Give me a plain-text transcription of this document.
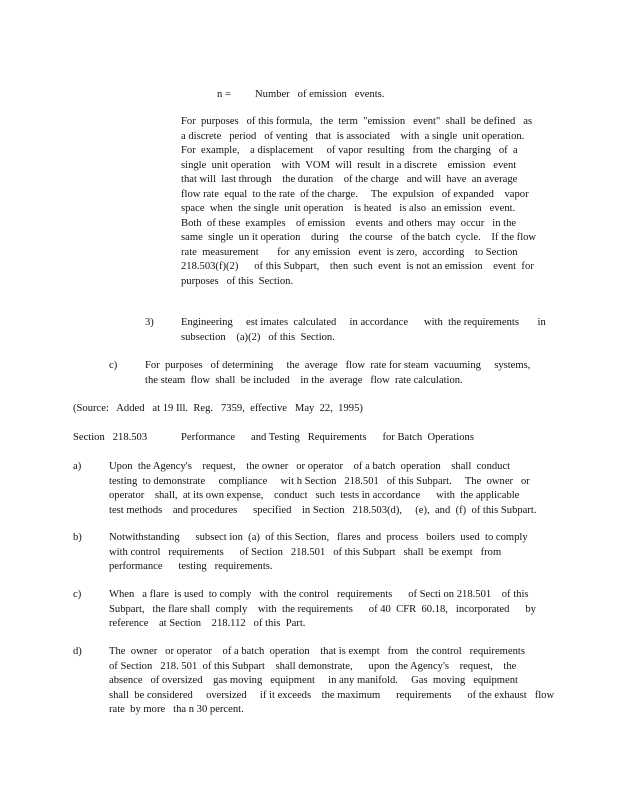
n = Number   of emission   events.

For  purposes   of this formula,   the  term  "emission   event"  shall  be defined   as

a discrete   period   of venting   that  is associated    with  a single  unit operation.

For  example,    a displacement     of vapor  resulting   from  the charging   of  a

single  unit operation    with  VOM  will  result  in a discrete    emission   event

that will  last through    the duration    of the charge   and will  have  an average

flow rate  equal  to the rate  of the charge.     The  expulsion   of expanded    vapor

space  when  the single  unit operation    is heated   is also  an emission   event.

Both  of these  examples    of emission    events  and others  may  occur   in the

same  single  un it operation    during    the course   of the batch  cycle.    If the flow

rate  measurement       for  any emission   event  is zero,  according    to Section

218.503(f)(2)      of this Subpart,    then  such  event  is not an emission    event  for

purposes   of this  Section.

3)	Engineering     est imates  calculated     in accordance      with  the requirements       in

subsection    (a)(2)   of this  Section.

c)	For  purposes   of determining     the  average   flow  rate for steam  vacuuming     systems,

the steam  flow  shall  be included    in the  average   flow  rate calculation.

(Source:   Added   at 19 Ill.  Reg.   7359,  effective   May  22,  1995)
Section   218.503	Performance      and Testing   Requirements      for Batch  Operations
a)	Upon  the Agency's    request,    the owner   or operator    of a batch  operation    shall  conduct

testing  to demonstrate     compliance     wit h Section   218.501   of this Subpart.     The  owner   or

operator    shall,  at its own expense,    conduct   such  tests in accordance      with  the applicable

test methods    and procedures      specified    in Section   218.503(d),     (e),  and  (f)  of this Subpart.

b)	Notwithstanding      subsect ion  (a)  of this Section,   flares  and  process   boilers  used  to comply

with control   requirements      of Section   218.501   of this Subpart   shall  be exempt   from

performance      testing   requirements.

c)	When   a flare  is used  to comply   with  the control   requirements      of Secti on 218.501    of this

Subpart,   the flare shall  comply    with  the requirements      of 40  CFR  60.18,   incorporated      by

reference    at Section    218.112   of this  Part.

d)	The  owner   or operator    of a batch  operation    that is exempt   from   the control   requirements

of Section   218. 501  of this Subpart    shall demonstrate,      upon  the Agency's    request,    the

absence   of oversized    gas moving   equipment     in any manifold.     Gas  moving   equipment

shall  be considered     oversized     if it exceeds    the maximum      requirements      of the exhaust   flow

rate  by more   tha n 30 percent.
